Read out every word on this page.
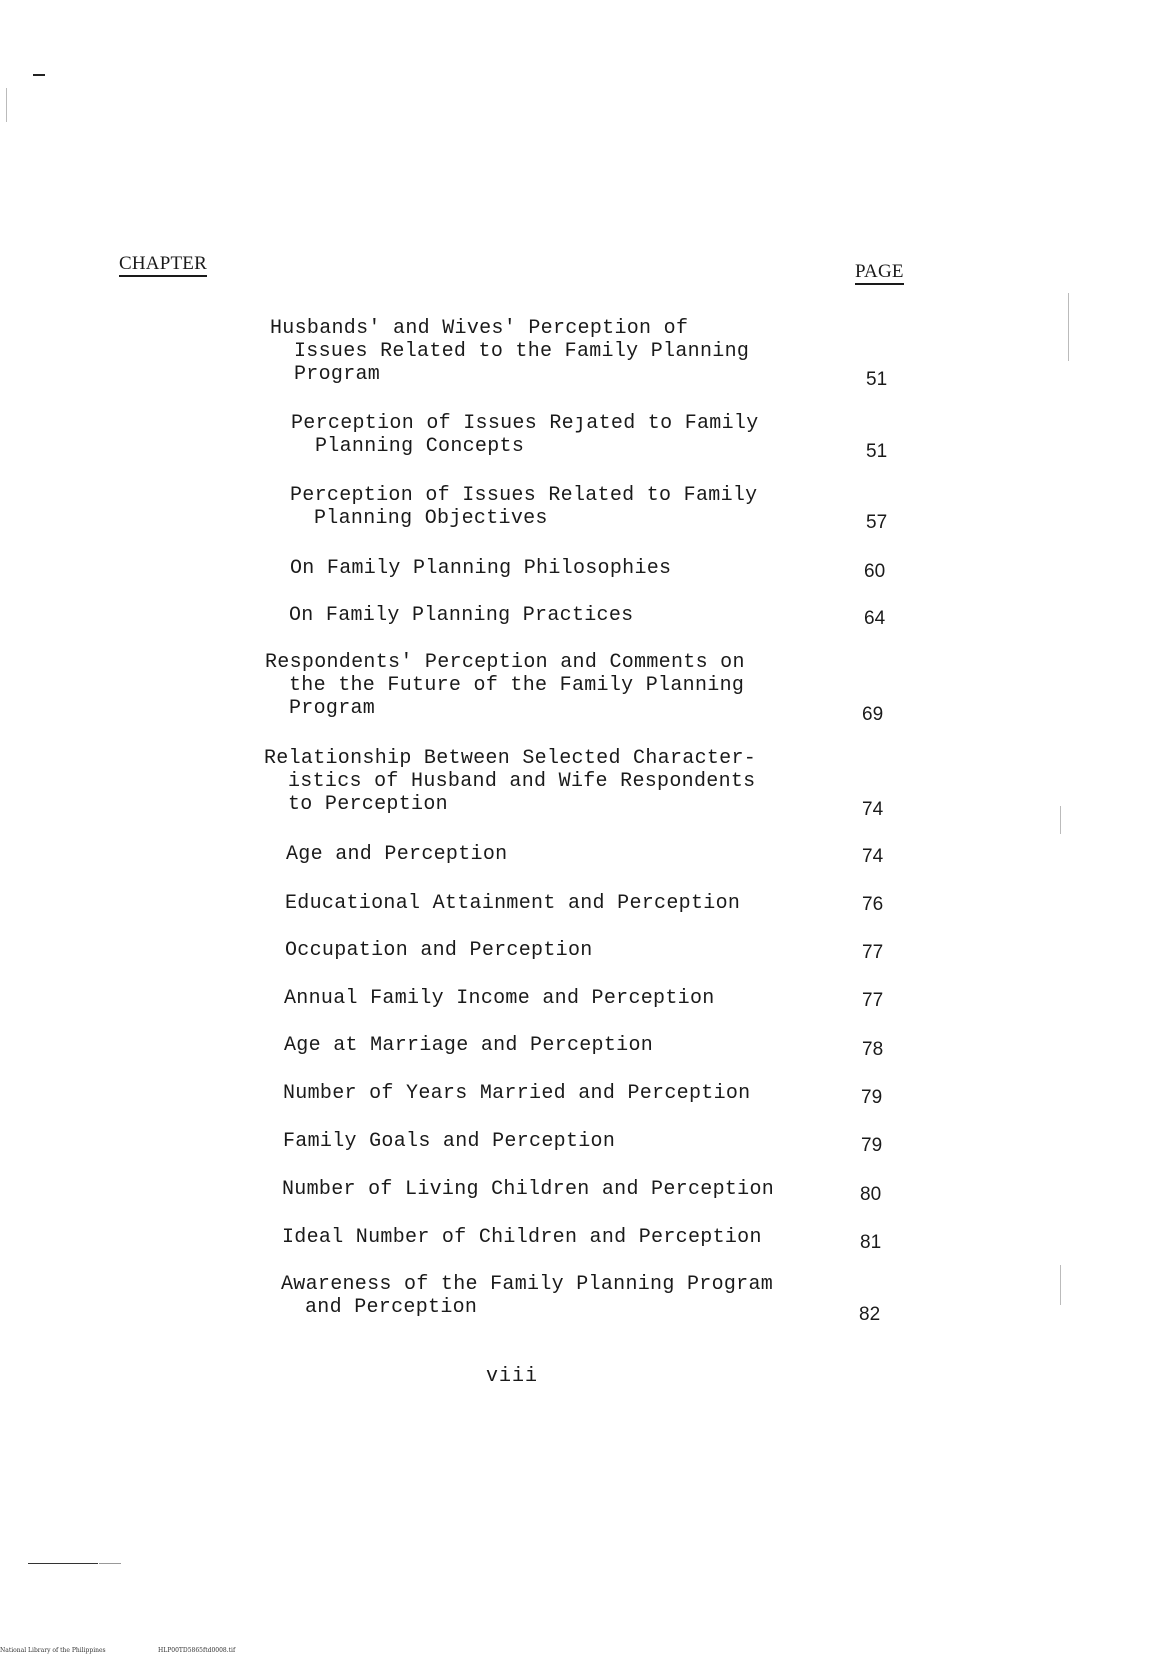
CHAPTER	PAGE
Husbands' and Wives' Perception of
Issues Related to the Family Planning
Program	51
Perception of Issues Reȷated to Family
Planning Concepts	51
Perception of Issues Related to Family
Planning Objectives	57
On Family Planning Philosophies	60
On Family Planning Practices	64
Respondents' Perception and Comments on
the the Future of the Family Planning
Program	69
Relationship Between Selected Character-
istics of Husband and Wife Respondents
to Perception	74
Age and Perception	74
Educational Attainment and Perception	76
Occupation and Perception	77
Annual Family Income and Perception	77
Age at Marriage and Perception	78
Number of Years Married and Perception	79
Family Goals and Perception	79
Number of Living Children and Perception	80
Ideal Number of Children and Perception	81
Awareness of the Family Planning Program
and Perception	82
viii
National Library of the Philippines	HLP00TD5865ftd0008.tif
